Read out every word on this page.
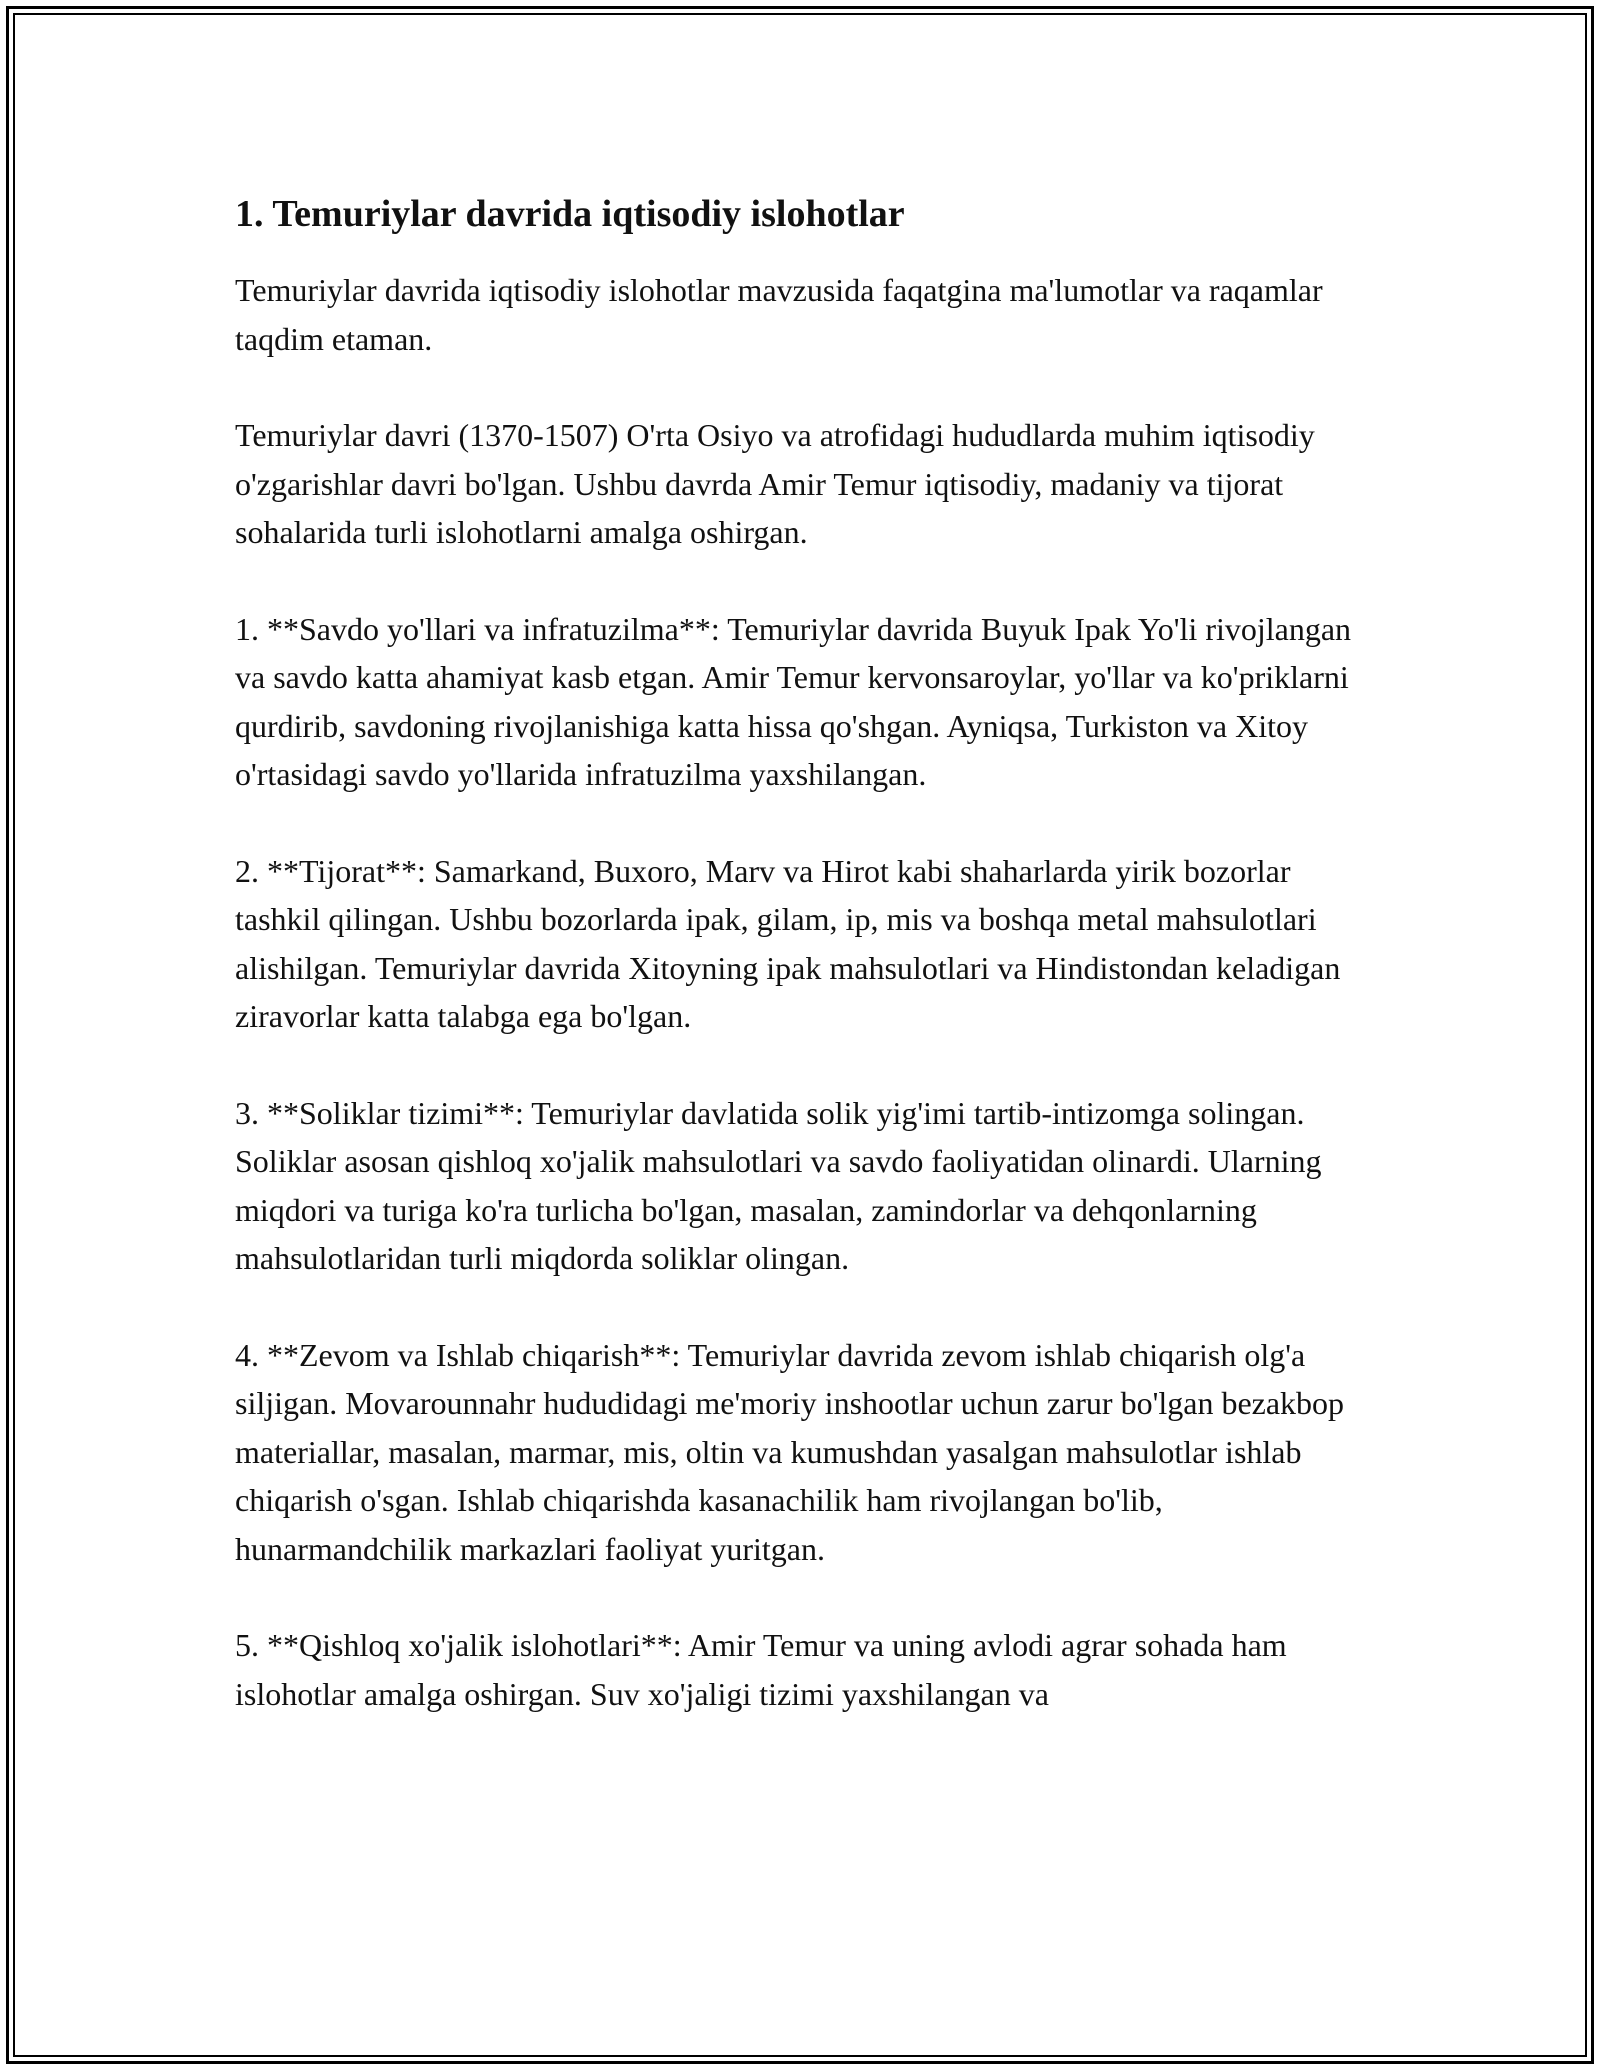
1. Temuriylar davrida iqtisodiy islohotlar

Temuriylar davrida iqtisodiy islohotlar mavzusida faqatgina ma'lumotlar va raqamlar taqdim etaman.

Temuriylar davri (1370-1507) O'rta Osiyo va atrofidagi hududlarda muhim iqtisodiy o'zgarishlar davri bo'lgan. Ushbu davrda Amir Temur iqtisodiy, madaniy va tijorat sohalarida turli islohotlarni amalga oshirgan.

1. **Savdo yo'llari va infratuzilma**: Temuriylar davrida Buyuk Ipak Yo'li rivojlangan va savdo katta ahamiyat kasb etgan. Amir Temur kervonsaroylar, yo'llar va ko'priklarni qurdirib, savdoning rivojlanishiga katta hissa qo'shgan. Ayniqsa, Turkiston va Xitoy o'rtasidagi savdo yo'llarida infratuzilma yaxshilangan.

2. **Tijorat**: Samarkand, Buxoro, Marv va Hirot kabi shaharlarda yirik bozorlar tashkil qilingan. Ushbu bozorlarda ipak, gilam, ip, mis va boshqa metal mahsulotlari alishilgan. Temuriylar davrida Xitoyning ipak mahsulotlari va Hindistondan keladigan ziravorlar katta talabga ega bo'lgan.

3. **Soliklar tizimi**: Temuriylar davlatida solik yig'imi tartib-intizomga solingan. Soliklar asosan qishloq xo'jalik mahsulotlari va savdo faoliyatidan olinardi. Ularning miqdori va turiga ko'ra turlicha bo'lgan, masalan, zamindorlar va dehqonlarning mahsulotlaridan turli miqdorda soliklar olingan.

4. **Zevom va Ishlab chiqarish**: Temuriylar davrida zevom ishlab chiqarish olg'a siljigan. Movarounnahr hududidagi me'moriy inshootlar uchun zarur bo'lgan bezakbop materiallar, masalan, marmar, mis, oltin va kumushdan yasalgan mahsulotlar ishlab chiqarish o'sgan. Ishlab chiqarishda kasanachilik ham rivojlangan bo'lib, hunarmandchilik markazlari faoliyat yuritgan.

5. **Qishloq xo'jalik islohotlari**: Amir Temur va uning avlodi agrar sohada ham islohotlar amalga oshirgan. Suv xo'jaligi tizimi yaxshilangan va
